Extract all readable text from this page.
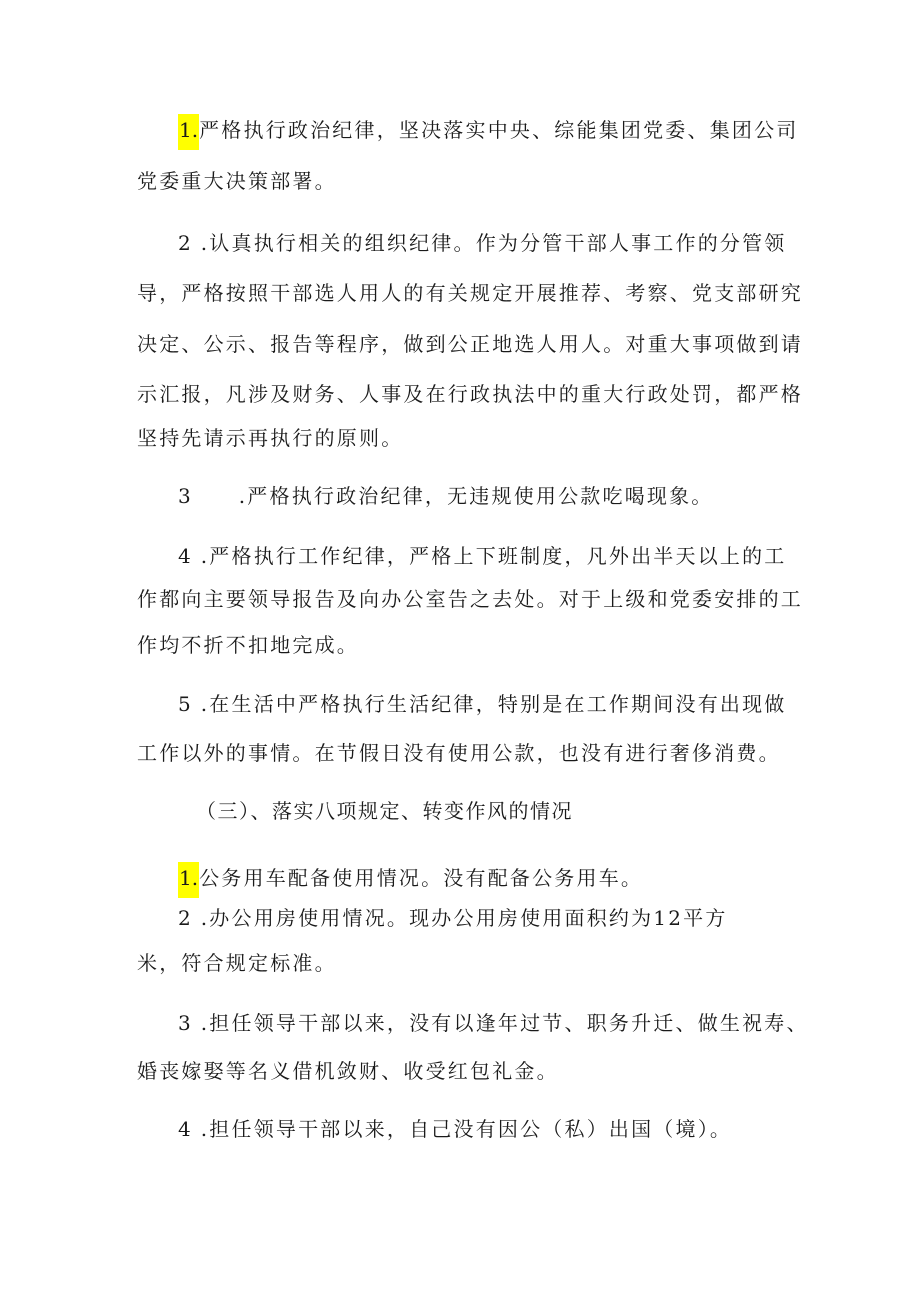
1.严格执行政治纪律，坚决落实中央、综能集团党委、集团公司
党委重大决策部署。
2 .认真执行相关的组织纪律。作为分管干部人事工作的分管领
导，严格按照干部选人用人的有关规定开展推荐、考察、党支部研究
决定、公示、报告等程序，做到公正地选人用人。对重大事项做到请
示汇报，凡涉及财务、人事及在行政执法中的重大行政处罚，都严格
坚持先请示再执行的原则。
3 .严格执行政治纪律，无违规使用公款吃喝现象。
4 .严格执行工作纪律，严格上下班制度，凡外出半天以上的工
作都向主要领导报告及向办公室告之去处。对于上级和党委安排的工
作均不折不扣地完成。
5 .在生活中严格执行生活纪律，特别是在工作期间没有出现做
工作以外的事情。在节假日没有使用公款，也没有进行奢侈消费。
（三）、落实八项规定、转变作风的情况
1.公务用车配备使用情况。没有配备公务用车。
2 .办公用房使用情况。现办公用房使用面积约为12平方
米，符合规定标准。
3 .担任领导干部以来，没有以逢年过节、职务升迁、做生祝寿、
婚丧嫁娶等名义借机敛财、收受红包礼金。
4 .担任领导干部以来，自己没有因公（私）出国（境）。
